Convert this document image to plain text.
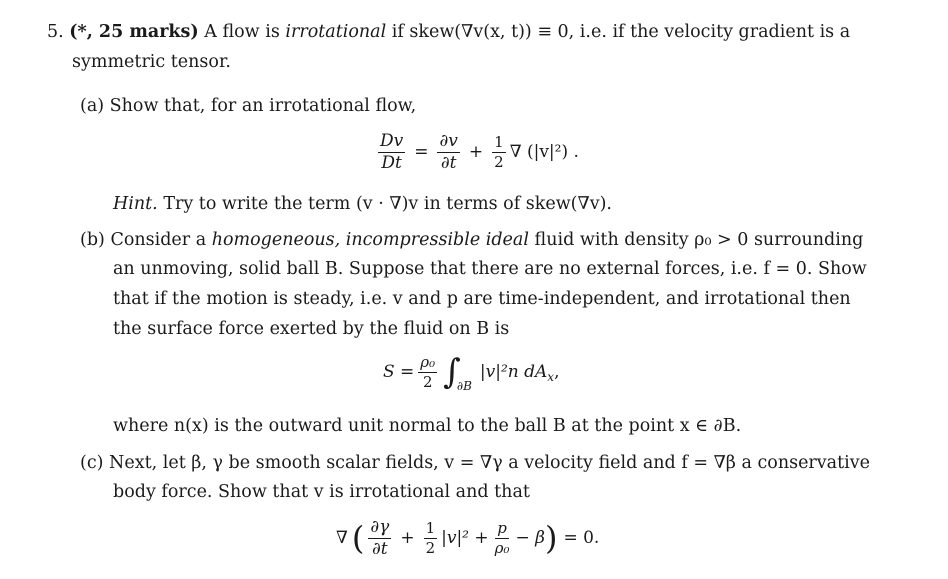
5. (*, 25 marks) A flow is irrotational if skew(∇v(x, t)) ≡ 0, i.e. if the velocity gradient is a
symmetric tensor.
(a) Show that, for an irrotational flow,
$\frac{Dv}{Dt} = \frac{\partial v}{\partial t} + \frac{1}{2}$ ∇ (|v|²) .
Hint. Try to write the term (v · ∇)v in terms of skew(∇v).
(b) Consider a homogeneous, incompressible ideal fluid with density ρ₀ > 0 surrounding
an unmoving, solid ball B. Suppose that there are no external forces, i.e. f = 0. Show
that if the motion is steady, i.e. v and p are time-independent, and irrotational then
the surface force exerted by the fluid on B is
$S = \frac{\text{ρ₀}}{2}$ ∫
∂B
|v|²n dA x ,
where n(x) is the outward unit normal to the ball B at the point x ∈ ∂B.
(c) Next, let β, γ be smooth scalar fields, v = ∇γ a velocity field and f = ∇β a conservative
body force. Show that v is irrotational and that
∇ ( $\frac{\partial\gamma}{\partial t} + \frac{1}{2} |v|^2 + \frac{p}{\text{ρ₀}} - \beta$ ) = 0.
